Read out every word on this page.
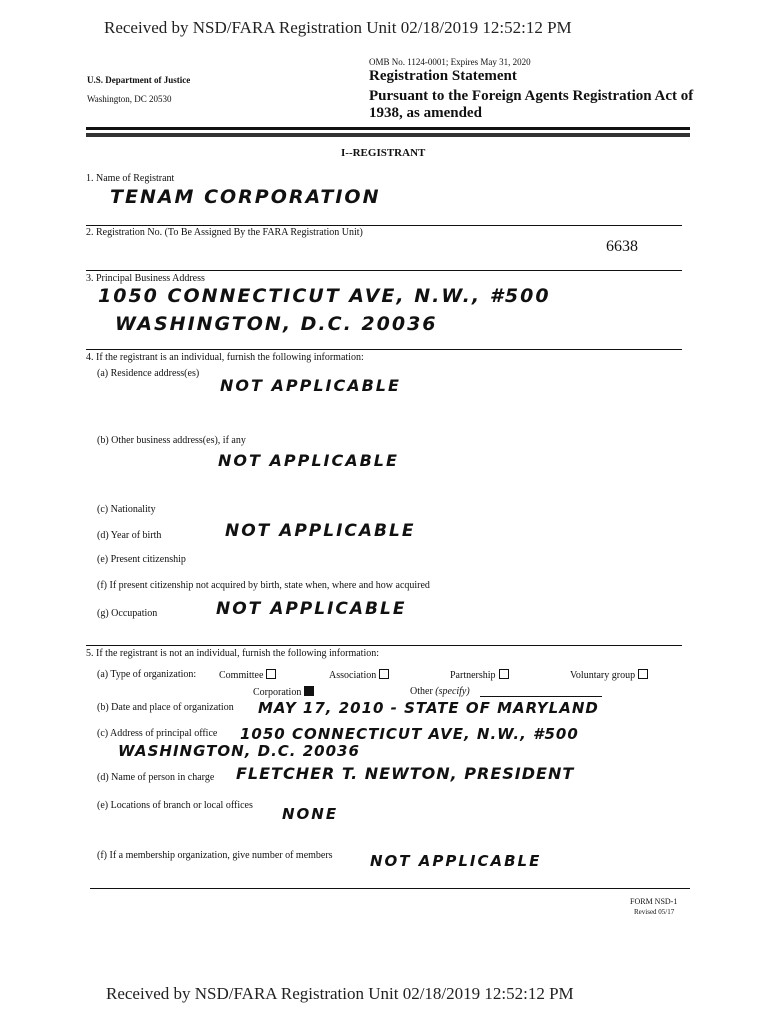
Received by NSD/FARA Registration Unit 02/18/2019 12:52:12 PM
Received by NSD/FARA Registration Unit 02/18/2019 12:52:12 PM
OMB No. 1124-0001; Expires May 31, 2020
U.S. Department of Justice
Washington, DC 20530
Registration Statement
Pursuant to the Foreign Agents Registration Act of
1938, as amended
I--REGISTRANT
1. Name of Registrant
TENAM CORPORATION
2. Registration No. (To Be Assigned By the FARA Registration Unit)
6638
3. Principal Business Address
1050 CONNECTICUT AVE, N.W., #500
WASHINGTON, D.C. 20036
4. If the registrant is an individual, furnish the following information:
(a) Residence address(es)
NOT APPLICABLE
(b) Other business address(es), if any
NOT APPLICABLE
(c) Nationality
(d) Year of birth	NOT APPLICABLE
(e) Present citizenship
(f) If present citizenship not acquired by birth, state when, where and how acquired
(g) Occupation	NOT APPLICABLE
5. If the registrant is not an individual, furnish the following information:
(a) Type of organization: Committee	Association	Partnership	Voluntary group
Corporation	Other (specify)
(b) Date and place of organization MAY 17, 2010 - STATE OF MARYLAND
(c) Address of principal office 1050 CONNECTICUT AVE, N.W., #500
WASHINGTON, D.C. 20036
(d) Name of person in charge FLETCHER T. NEWTON, PRESIDENT
(e) Locations of branch or local offices NONE
(f) If a membership organization, give number of members NOT APPLICABLE
FORM NSD-1
Revised 05/17
